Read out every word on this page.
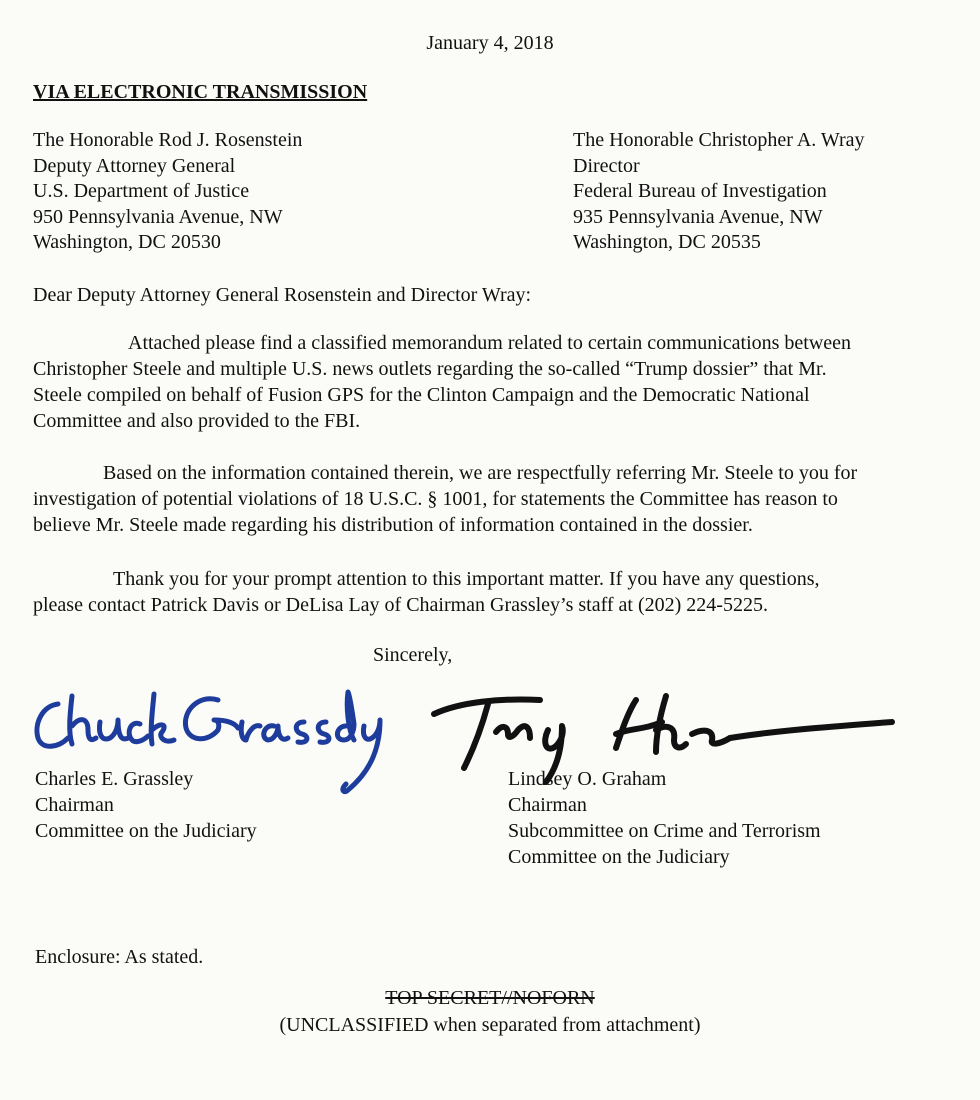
January 4, 2018
VIA ELECTRONIC TRANSMISSION
The Honorable Rod J. Rosenstein
Deputy Attorney General
U.S. Department of Justice
950 Pennsylvania Avenue, NW
Washington, DC 20530
The Honorable Christopher A. Wray
Director
Federal Bureau of Investigation
935 Pennsylvania Avenue, NW
Washington, DC 20535
Dear Deputy Attorney General Rosenstein and Director Wray:
Attached please find a classified memorandum related to certain communications between
Christopher Steele and multiple U.S. news outlets regarding the so-called “Trump dossier” that Mr.
Steele compiled on behalf of Fusion GPS for the Clinton Campaign and the Democratic National
Committee and also provided to the FBI.
Based on the information contained therein, we are respectfully referring Mr. Steele to you for
investigation of potential violations of 18 U.S.C. § 1001, for statements the Committee has reason to
believe Mr. Steele made regarding his distribution of information contained in the dossier.
Thank you for your prompt attention to this important matter. If you have any questions,
please contact Patrick Davis or DeLisa Lay of Chairman Grassley’s staff at (202) 224-5225.
Sincerely,
Charles E. Grassley
Chairman
Committee on the Judiciary
Lindsey O. Graham
Chairman
Subcommittee on Crime and Terrorism
Committee on the Judiciary
Enclosure: As stated.
TOP SECRET//NOFORN
(UNCLASSIFIED when separated from attachment)
